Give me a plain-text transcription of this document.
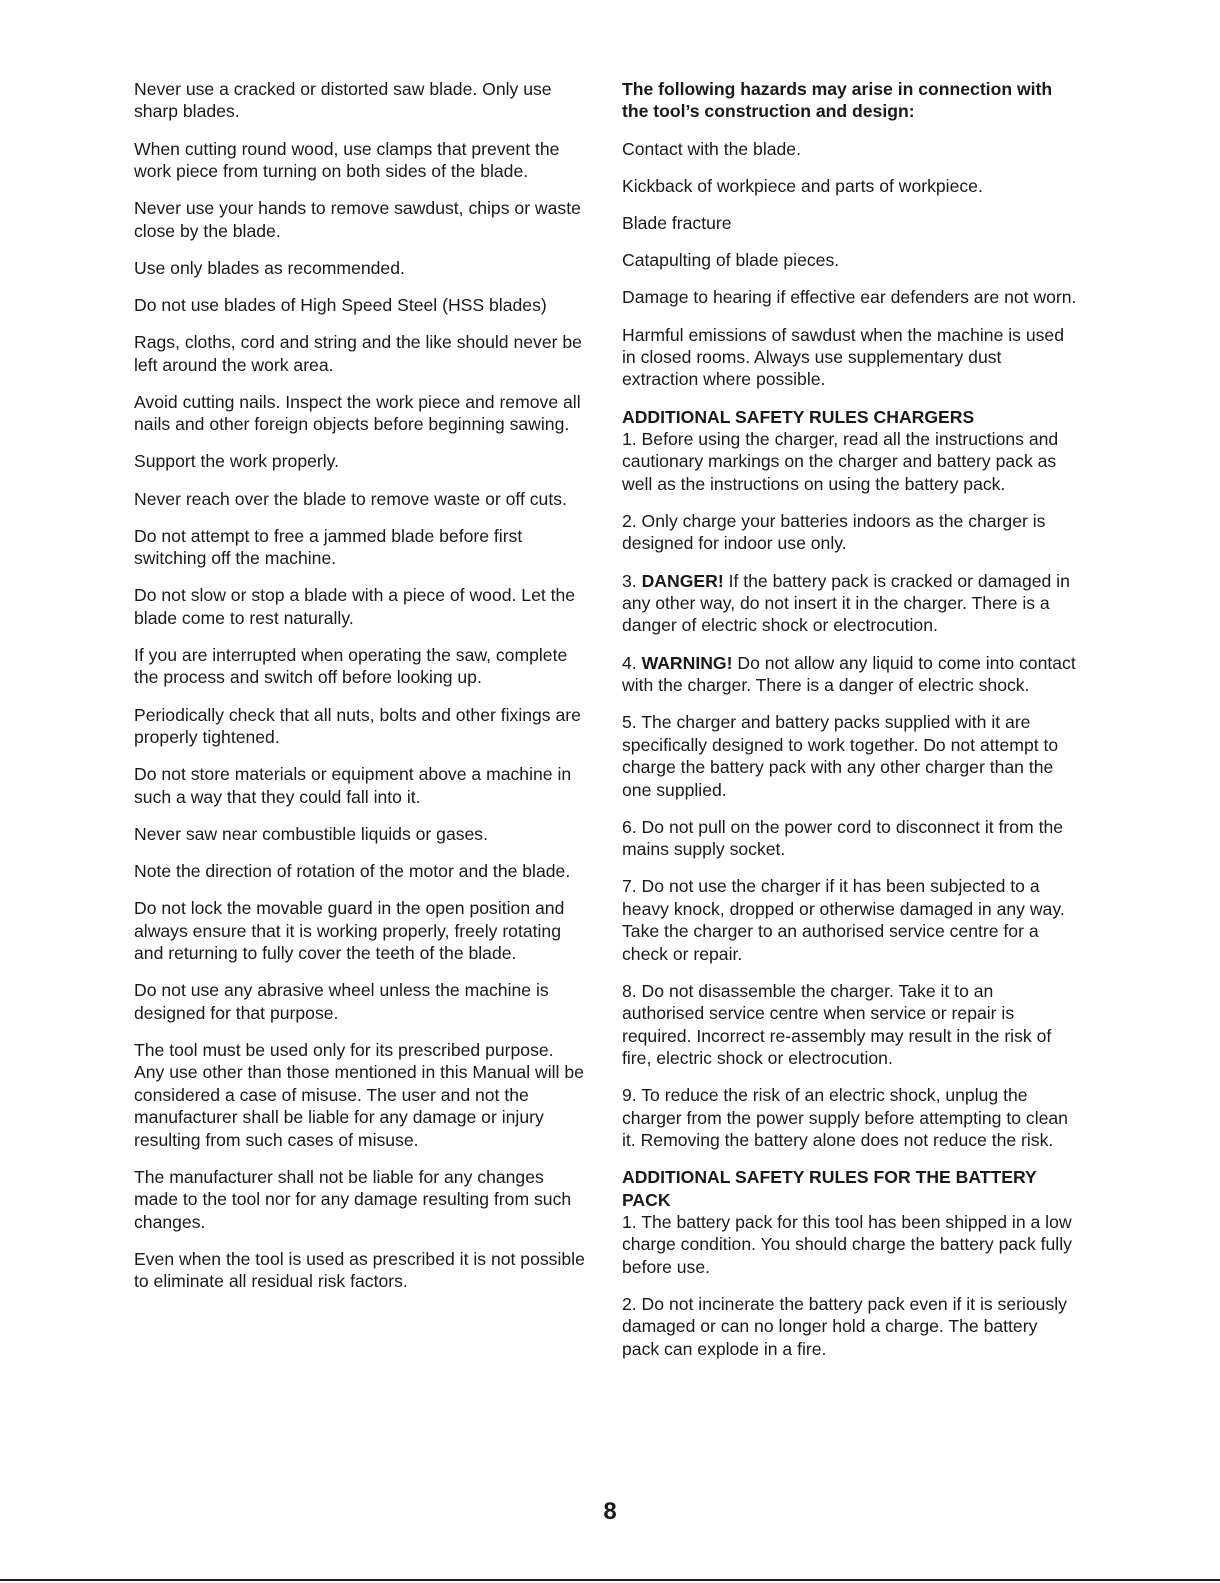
Never use a cracked or distorted saw blade. Only use sharp blades.

When cutting round wood, use clamps that prevent the work piece from turning on both sides of the blade.

Never use your hands to remove sawdust, chips or waste close by the blade.

Use only blades as recommended.

Do not use blades of High Speed Steel (HSS blades)

Rags, cloths, cord and string and the like should never be left around the work area.

Avoid cutting nails. Inspect the work piece and remove all nails and other foreign objects before beginning sawing.

Support the work properly.

Never reach over the blade to remove waste or off cuts.

Do not attempt to free a jammed blade before first switching off the machine.

Do not slow or stop a blade with a piece of wood. Let the blade come to rest naturally.

If you are interrupted when operating the saw, complete the process and switch off before looking up.

Periodically check that all nuts, bolts and other fixings are properly tightened.

Do not store materials or equipment above a machine in such a way that they could fall into it.

Never saw near combustible liquids or gases.

Note the direction of rotation of the motor and the blade.

Do not lock the movable guard in the open position and always ensure that it is working properly, freely rotating and returning to fully cover the teeth of the blade.

Do not use any abrasive wheel unless the machine is designed for that purpose.

The tool must be used only for its prescribed purpose. Any use other than those mentioned in this Manual will be considered a case of misuse. The user and not the manufacturer shall be liable for any damage or injury resulting from such cases of misuse.

The manufacturer shall not be liable for any changes made to the tool nor for any damage resulting from such changes.

Even when the tool is used as prescribed it is not possible to eliminate all residual risk factors.

The following hazards may arise in connection with the tool’s construction and design:

Contact with the blade.

Kickback of workpiece and parts of workpiece.

Blade fracture

Catapulting of blade pieces.

Damage to hearing if effective ear defenders are not worn.

Harmful emissions of sawdust when the machine is used in closed rooms. Always use supplementary dust extraction where possible.

ADDITIONAL SAFETY RULES CHARGERS

1. Before using the charger, read all the instructions and cautionary markings on the charger and battery pack as well as the instructions on using the battery pack.

2. Only charge your batteries indoors as the charger is designed for indoor use only.

3. DANGER! If the battery pack is cracked or damaged in any other way, do not insert it in the charger. There is a danger of electric shock or electrocution.

4. WARNING! Do not allow any liquid to come into contact with the charger. There is a danger of electric shock.

5. The charger and battery packs supplied with it are specifically designed to work together. Do not attempt to charge the battery pack with any other charger than the one supplied.

6. Do not pull on the power cord to disconnect it from the mains supply socket.

7. Do not use the charger if it has been subjected to a heavy knock, dropped or otherwise damaged in any way. Take the charger to an authorised service centre for a check or repair.

8. Do not disassemble the charger. Take it to an authorised service centre when service or repair is required. Incorrect re-assembly may result in the risk of fire, electric shock or electrocution.

9. To reduce the risk of an electric shock, unplug the charger from the power supply before attempting to clean it. Removing the battery alone does not reduce the risk.

ADDITIONAL SAFETY RULES FOR THE BATTERY PACK

1. The battery pack for this tool has been shipped in a low charge condition. You should charge the battery pack fully before use.

2. Do not incinerate the battery pack even if it is seriously damaged or can no longer hold a charge. The battery pack can explode in a fire.

8
